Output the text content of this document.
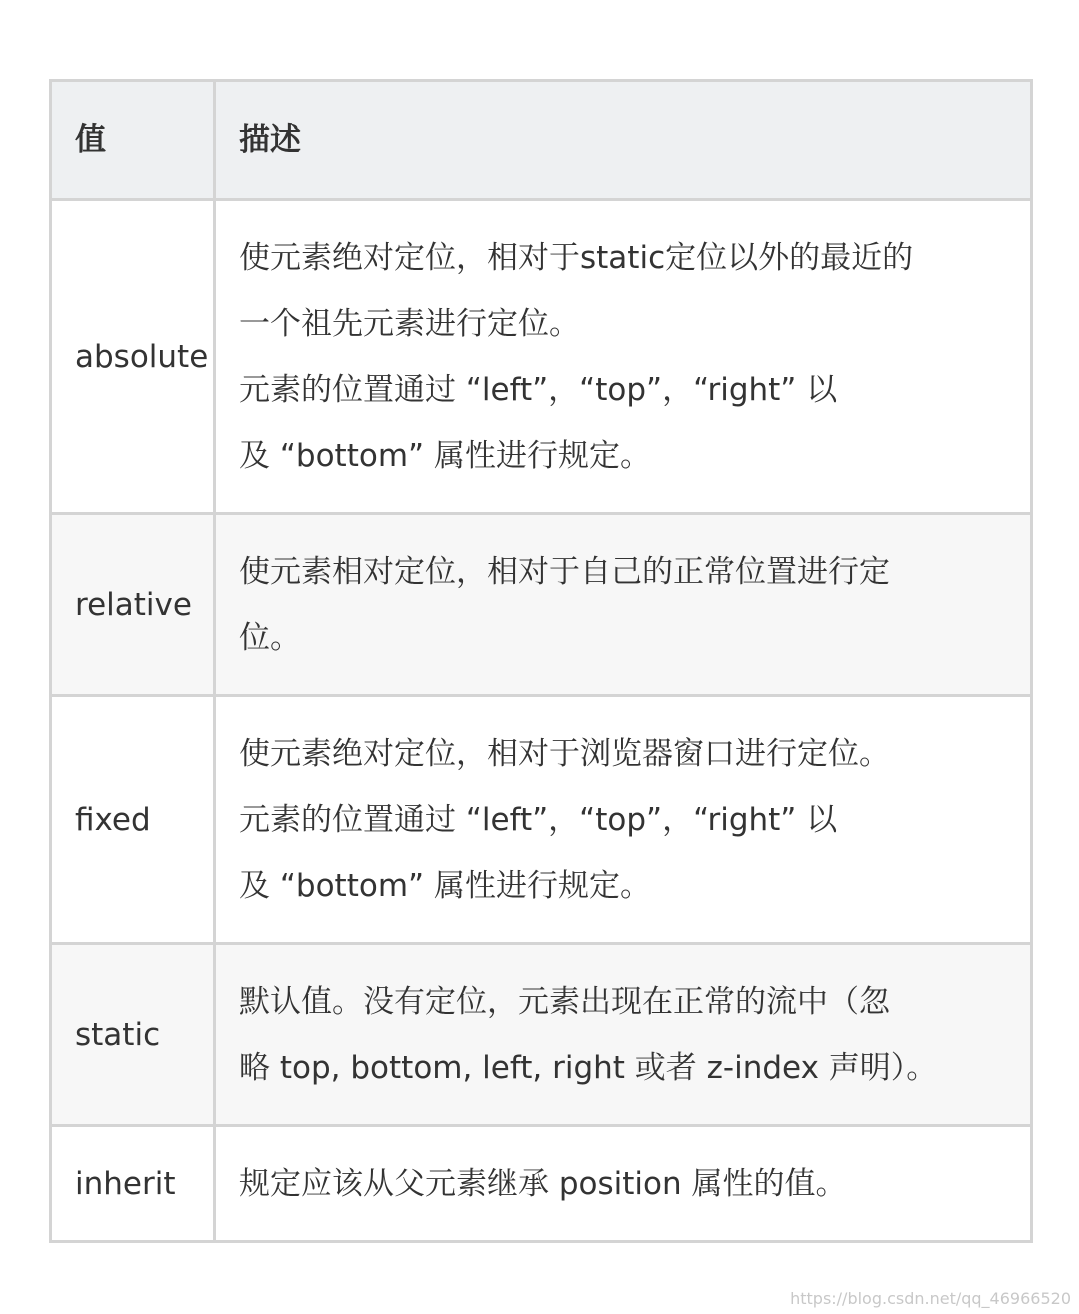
值	描述
absolute	使元素绝对定位，相对于static定位以外的最近的
一个祖先元素进行定位。
元素的位置通过 “left”，“top”，“right” 以
及 “bottom” 属性进行规定。

relative	使元素相对定位，相对于自己的正常位置进行定
位。

fixed	使元素绝对定位，相对于浏览器窗口进行定位。
元素的位置通过 “left”，“top”，“right” 以
及 “bottom” 属性进行规定。

static	默认值。没有定位，元素出现在正常的流中（忽
略 top, bottom, left, right 或者 z-index 声明）。

inherit	规定应该从父元素继承 position 属性的值。
https://blog.csdn.net/qq_46966520
